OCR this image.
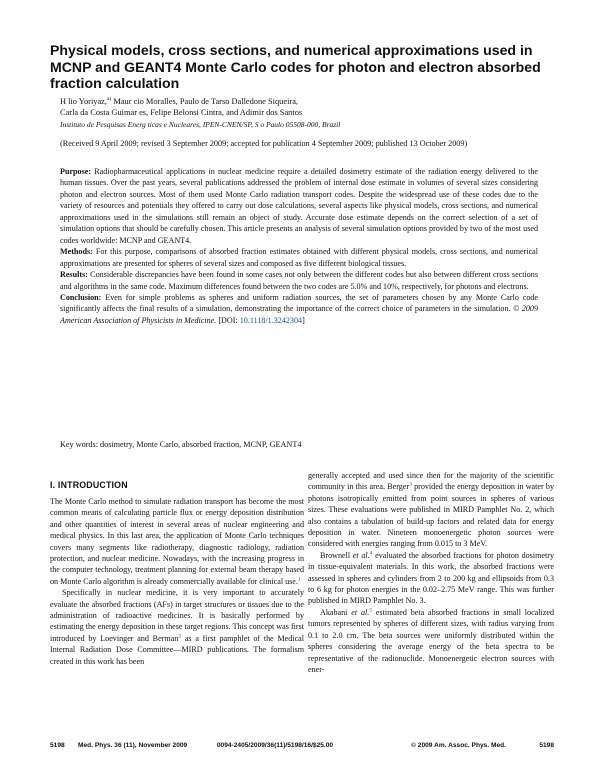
Physical models, cross sections, and numerical approximations used in MCNP and GEANT4 Monte Carlo codes for photon and electron absorbed fraction calculation
H lio Yoriyaz,$^{a)}$ Maur cio Moralles, Paulo de Tarso Dalledone Siqueira,
Carla da Costa Guimar es, Felipe Belonsi Cintra, and Adimir dos Santos
Instituto de Pesquisas Energ ticas e Nucleares, IPEN-CNEN/SP, S o Paulo 05508-000, Brazil
(Received 9 April 2009; revised 3 September 2009; accepted for publication 4 September 2009; published 13 October 2009)

Purpose: Radiopharmaceutical applications in nuclear medicine require a detailed dosimetry estimate of the radiation energy delivered to the human tissues. Over the past years, several publications addressed the problem of internal dose estimate in volumes of several sizes considering photon and electron sources. Most of them used Monte Carlo radiation transport codes. Despite the widespread use of these codes due to the variety of resources and potentials they offered to carry out dose calculations, several aspects like physical models, cross sections, and numerical approximations used in the simulations still remain an object of study. Accurate dose estimate depends on the correct selection of a set of simulation options that should be carefully chosen. This article presents an analysis of several simulation options provided by two of the most used codes worldwide: MCNP and GEANT4.

Methods: For this purpose, comparisons of absorbed fraction estimates obtained with different physical models, cross sections, and numerical approximations are presented for spheres of several sizes and composed as five different biological tissues.

Results: Considerable discrepancies have been found in some cases not only between the different codes but also between different cross sections and algorithms in the same code. Maximum differences found between the two codes are 5.0% and 10%, respectively, for photons and electrons.

Conclusion: Even for simple problems as spheres and uniform radiation sources, the set of parameters chosen by any Monte Carlo code significantly affects the final results of a simulation, demonstrating the importance of the correct choice of parameters in the simulation. © 2009 American Association of Physicists in Medicine. [DOI: 10.1118/1.3242304]

Key words: dosimetry, Monte Carlo, absorbed fraction, MCNP, GEANT4
I. INTRODUCTION

The Monte Carlo method to simulate radiation transport has become the most common means of calculating particle flux or energy deposition distribution and other quantities of interest in several areas of nuclear engineering and medical physics. In this last area, the application of Monte Carlo techniques covers many segments like radiotherapy, diagnostic radiology, radiation protection, and nuclear medicine. Nowadays, with the increasing progress in the computer technology, treatment planning for external beam therapy based on Monte Carlo algorithm is already commercially available for clinical use.$^1$

Specifically in nuclear medicine, it is very important to accurately evaluate the absorbed fractions (AFs) in target structures or tissues due to the administration of radioactive medicines. It is basically performed by estimating the energy deposition in these target regions. This concept was first introduced by Loevinger and Berman$^2$ as a first pamphlet of the Medical Internal Radiation Dose Committee—MIRD publications. The formalism created in this work has been

generally accepted and used since then for the majority of the scientific community in this area. Berger$^3$ provided the energy deposition in water by photons isotropically emitted from point sources in spheres of various sizes. These evaluations were published in MIRD Pamphlet No. 2, which also contains a tabulation of build-up factors and related data for energy deposition in water. Nineteen monoenergetic photon sources were considered with energies ranging from 0.015 to 3 MeV.

Brownell et al.$^4$ evaluated the absorbed fractions for photon dosimetry in tissue-equivalent materials. In this work, the absorbed fractions were assessed in spheres and cylinders from 2 to 200 kg and ellipsoids from 0.3 to 6 kg for photon energies in the 0.02–2.75 MeV range. This was further published in MIRD Pamphlet No. 3.

Akabani et al.$^5$ estimated beta absorbed fractions in small localized tumors represented by spheres of different sizes, with radius varying from 0.1 to 2.0 cm. The beta sources were uniformly distributed within the spheres considering the average energy of the beta spectra to be representative of the radionuclide. Monoenergetic electron sources with ener-

5198	Med. Phys. 36 (11), November 2009	0094-2405/2009/36(11)/5198/16/$25.00	© 2009 Am. Assoc. Phys. Med.	5198
